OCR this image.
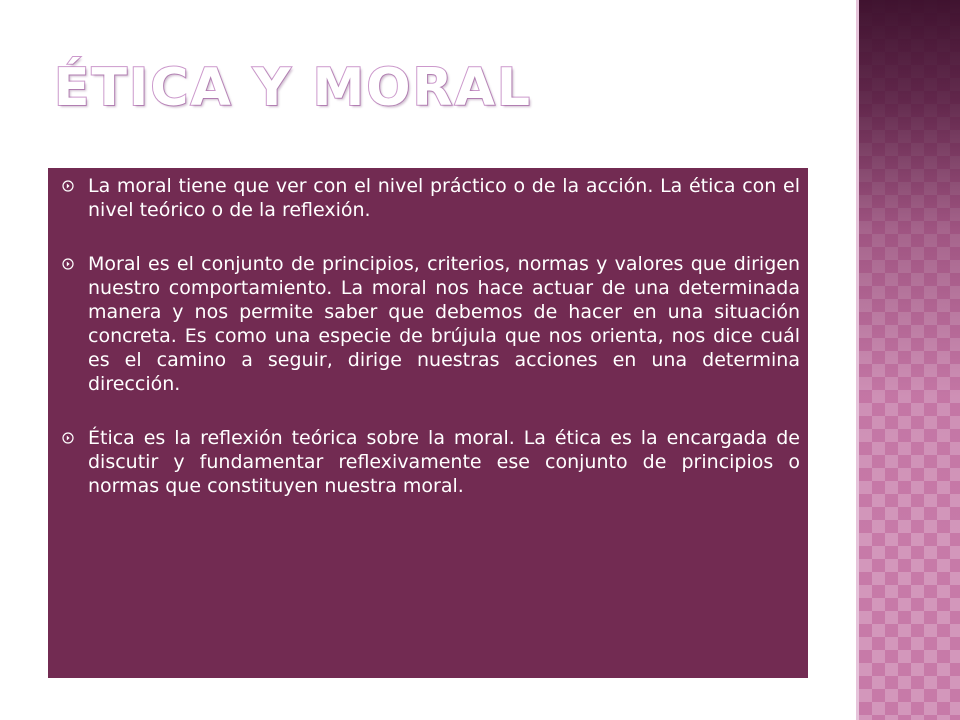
ÉTICA Y MORAL
La moral tiene que ver con el nivel práctico o de la acción. La ética con el nivel teórico o de la reflexión.
Moral es el conjunto de principios, criterios, normas y valores que dirigen nuestro comportamiento. La moral nos hace actuar de una determinada manera y nos permite saber que debemos de hacer en una situación concreta. Es como una especie de brújula que nos orienta, nos dice cuál es el camino a seguir, dirige nuestras acciones en una determina dirección.
Ética es la reflexión teórica sobre la moral. La ética es la encargada de discutir y fundamentar reflexivamente ese conjunto de principios o normas que constituyen nuestra moral.
